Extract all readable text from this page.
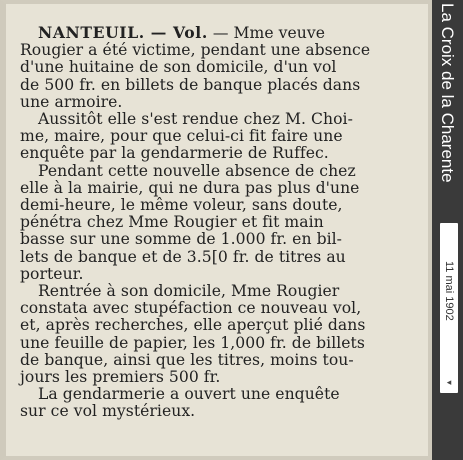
NANTEUIL. — Vol. — Mme veuve
Rougier a été victime, pendant une absence
d'une huitaine de son domicile, d'un vol
de 500 fr. en billets de banque placés dans
une armoire.
Aussitôt elle s'est rendue chez M. Choi-
me, maire, pour que celui-ci fit faire une
enquête par la gendarmerie de Ruffec.
Pendant cette nouvelle absence de chez
elle à la mairie, qui ne dura pas plus d'une
demi-heure, le même voleur, sans doute,
pénétra chez Mme Rougier et fit main
basse sur une somme de 1.000 fr. en bil-
lets de banque et de 3.5[0 fr. de titres au
porteur.
Rentrée à son domicile, Mme Rougier
constata avec stupéfaction ce nouveau vol,
et, après recherches, elle aperçut plié dans
une feuille de papier, les 1,000 fr. de billets
de banque, ainsi que les titres, moins tou-
jours les premiers 500 fr.
La gendarmerie a ouvert une enquête
sur ce vol mystérieux.
La Croix de la Charente
11 mai 1902
◂
